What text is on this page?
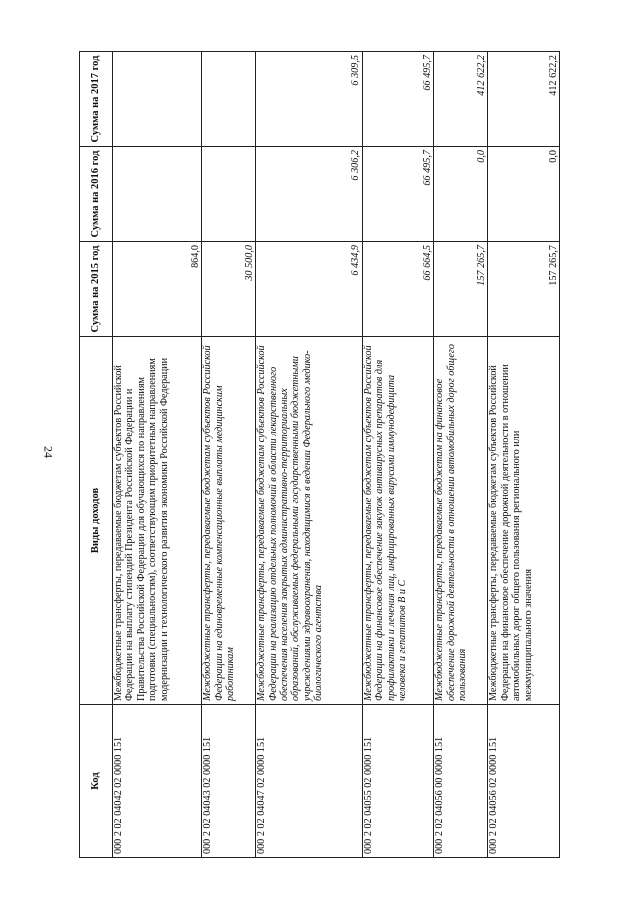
24
Код	Виды доходов	Сумма на 2015 год	Сумма на 2016 год	Сумма на 2017 год
000 2 02 04042 02 0000 151	Межбюджетные трансферты, передаваемые бюджетам субъектов Российской Федерации на выплату стипендий Президента Российской Федерации и Правительства Российской Федерации для обучающихся по направлениям подготовки (специальностям), соответствующим приоритетным направлениям модернизации и технологического развития экономики Российской Федерации	864,0		
000 2 02 04043 02 0000 151	Межбюджетные трансферты, передаваемые бюджетам субъектов Российской Федерации на единовременные компенсационные выплаты медицинским работникам	30 500,0		
000 2 02 04047 02 0000 151	Межбюджетные трансферты, передаваемые бюджетам субъектов Российской Федерации на реализацию отдельных полномочий в области лекарственного обеспечения населения закрытых административно-территориальных образований, обслуживаемых федеральными государственными бюджетными учреждениями здравоохранения, находящимися в ведении Федерального медико-биологического агентства	6 434,9	6 306,2	6 309,5
000 2 02 04055 02 0000 151	Межбюджетные трансферты, передаваемые бюджетам субъектов Российской Федерации на финансовое обеспечение закупок антивирусных препаратов для профилактики и лечения лиц, инфицированных вирусами иммунодефицита человека и гепатитов B и C	66 664,5	66 495,7	66 495,7
000 2 02 04056 00 0000 151	Межбюджетные трансферты, передаваемые бюджетам на финансовое обеспечение дорожной деятельности в отношении автомобильных дорог общего пользования	157 265,7	0,0	412 622,2
000 2 02 04056 02 0000 151	Межбюджетные трансферты, передаваемые бюджетам субъектов Российской Федерации на финансовое обеспечение дорожной деятельности в отношении автомобильных дорог общего пользования регионального или межмуниципального значения	157 265,7	0,0	412 622,2
